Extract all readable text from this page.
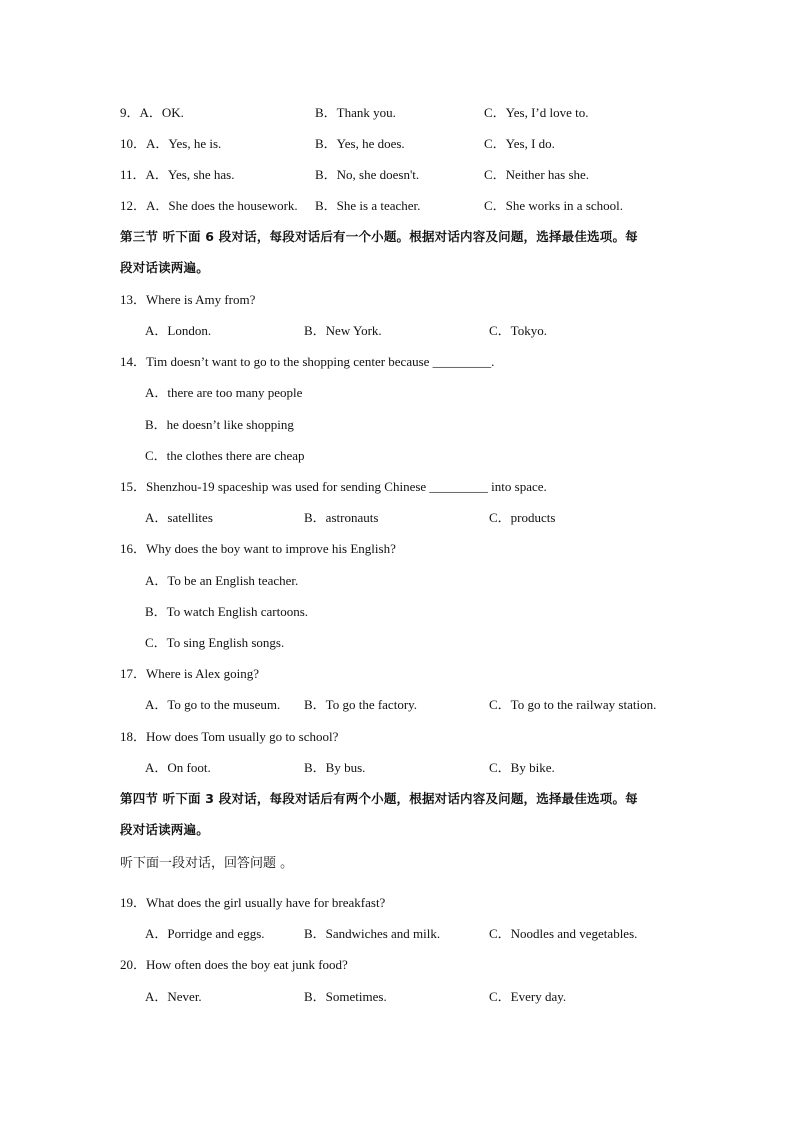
9．A．OK.	B．Thank you.	C．Yes, I’d love to.
10．A．Yes, he is.	B．Yes, he does.	C．Yes, I do.
11．A．Yes, she has.	B．No, she doesn't.	C．Neither has she.
12．A．She does the housework. B．She is a teacher.	C．She works in a school.
第三节 听下面 6 段对话，每段对话后有一个小题。根据对话内容及问题，选择最佳选项。每
段对话读两遍。
13．Where is Amy from?
A．London.	B．New York.	C．Tokyo.
14．Tim doesn’t want to go to the shopping center because _________.
A．there are too many people
B．he doesn’t like shopping
C．the clothes there are cheap
15．Shenzhou-19 spaceship was used for sending Chinese _________ into space.
A．satellites	B．astronauts	C．products
16．Why does the boy want to improve his English?
A．To be an English teacher.
B．To watch English cartoons.
C．To sing English songs.
17．Where is Alex going?
A．To go to the museum. B．To go the factory.	C．To go to the railway station.
18．How does Tom usually go to school?
A．On foot.	B．By bus.	C．By bike.
第四节 听下面 3 段对话，每段对话后有两个小题，根据对话内容及问题，选择最佳选项。每
段对话读两遍。
听下面一段对话，回答问题 。
19．What does the girl usually have for breakfast?
A．Porridge and eggs.	B．Sandwiches and milk.	C．Noodles and vegetables.
20．How often does the boy eat junk food?
A．Never.	B．Sometimes.	C．Every day.
